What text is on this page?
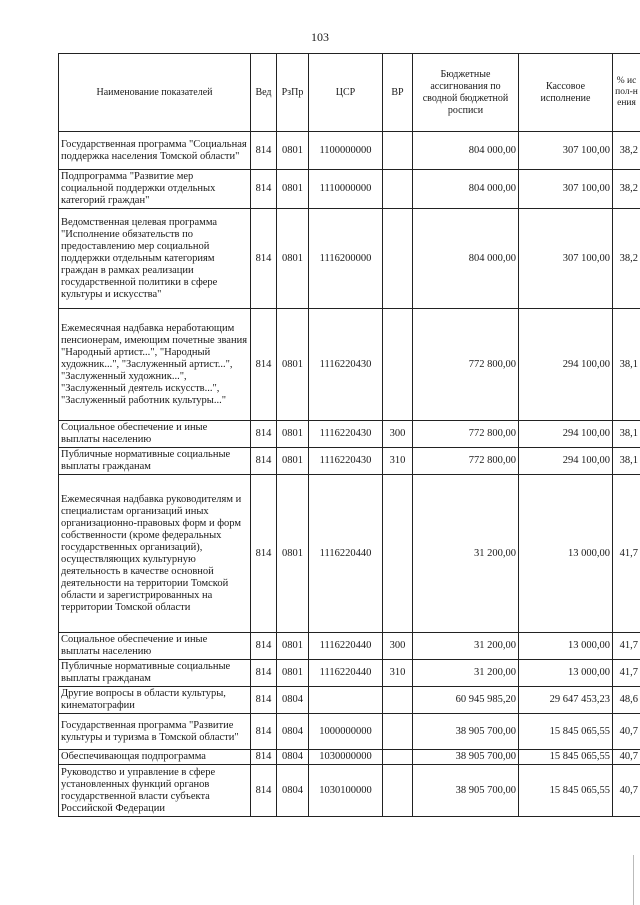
103
Наименование показателей	Вед	РзПр	ЦСР	ВР	Бюджетные ассигнования по сводной бюджетной росписи	Кассовое исполнение	% испол-нения
Государственная программа "Социальная поддержка населения Томской области"	814	0801	1100000000		804 000,00	307 100,00	38,2
Подпрограмма "Развитие мер социальной поддержки отдельных категорий граждан"	814	0801	1110000000		804 000,00	307 100,00	38,2
Ведомственная целевая программа "Исполнение обязательств по предоставлению мер социальной поддержки отдельным категориям граждан в рамках реализации государственной политики в сфере культуры и искусства"	814	0801	1116200000		804 000,00	307 100,00	38,2
Ежемесячная надбавка неработающим пенсионерам, имеющим почетные звания "Народный артист...", "Народный художник...", "Заслуженный артист...", "Заслуженный художник...", "Заслуженный деятель искусств...", "Заслуженный работник культуры..."	814	0801	1116220430		772 800,00	294 100,00	38,1
Социальное обеспечение и иные выплаты населению	814	0801	1116220430	300	772 800,00	294 100,00	38,1
Публичные нормативные социальные выплаты гражданам	814	0801	1116220430	310	772 800,00	294 100,00	38,1
Ежемесячная надбавка руководителям и специалистам организаций иных организационно-правовых форм и форм собственности (кроме федеральных государственных организаций), осуществляющих культурную деятельность в качестве основной деятельности на территории Томской области и зарегистрированных на территории Томской области	814	0801	1116220440		31 200,00	13 000,00	41,7
Социальное обеспечение и иные выплаты населению	814	0801	1116220440	300	31 200,00	13 000,00	41,7
Публичные нормативные социальные выплаты гражданам	814	0801	1116220440	310	31 200,00	13 000,00	41,7
Другие вопросы в области культуры, кинематографии	814	0804			60 945 985,20	29 647 453,23	48,6
Государственная программа "Развитие культуры и туризма в Томской области"	814	0804	1000000000		38 905 700,00	15 845 065,55	40,7
Обеспечивающая подпрограмма	814	0804	1030000000		38 905 700,00	15 845 065,55	40,7
Руководство и управление в сфере установленных функций органов государственной власти субъекта Российской Федерации	814	0804	1030100000		38 905 700,00	15 845 065,55	40,7
